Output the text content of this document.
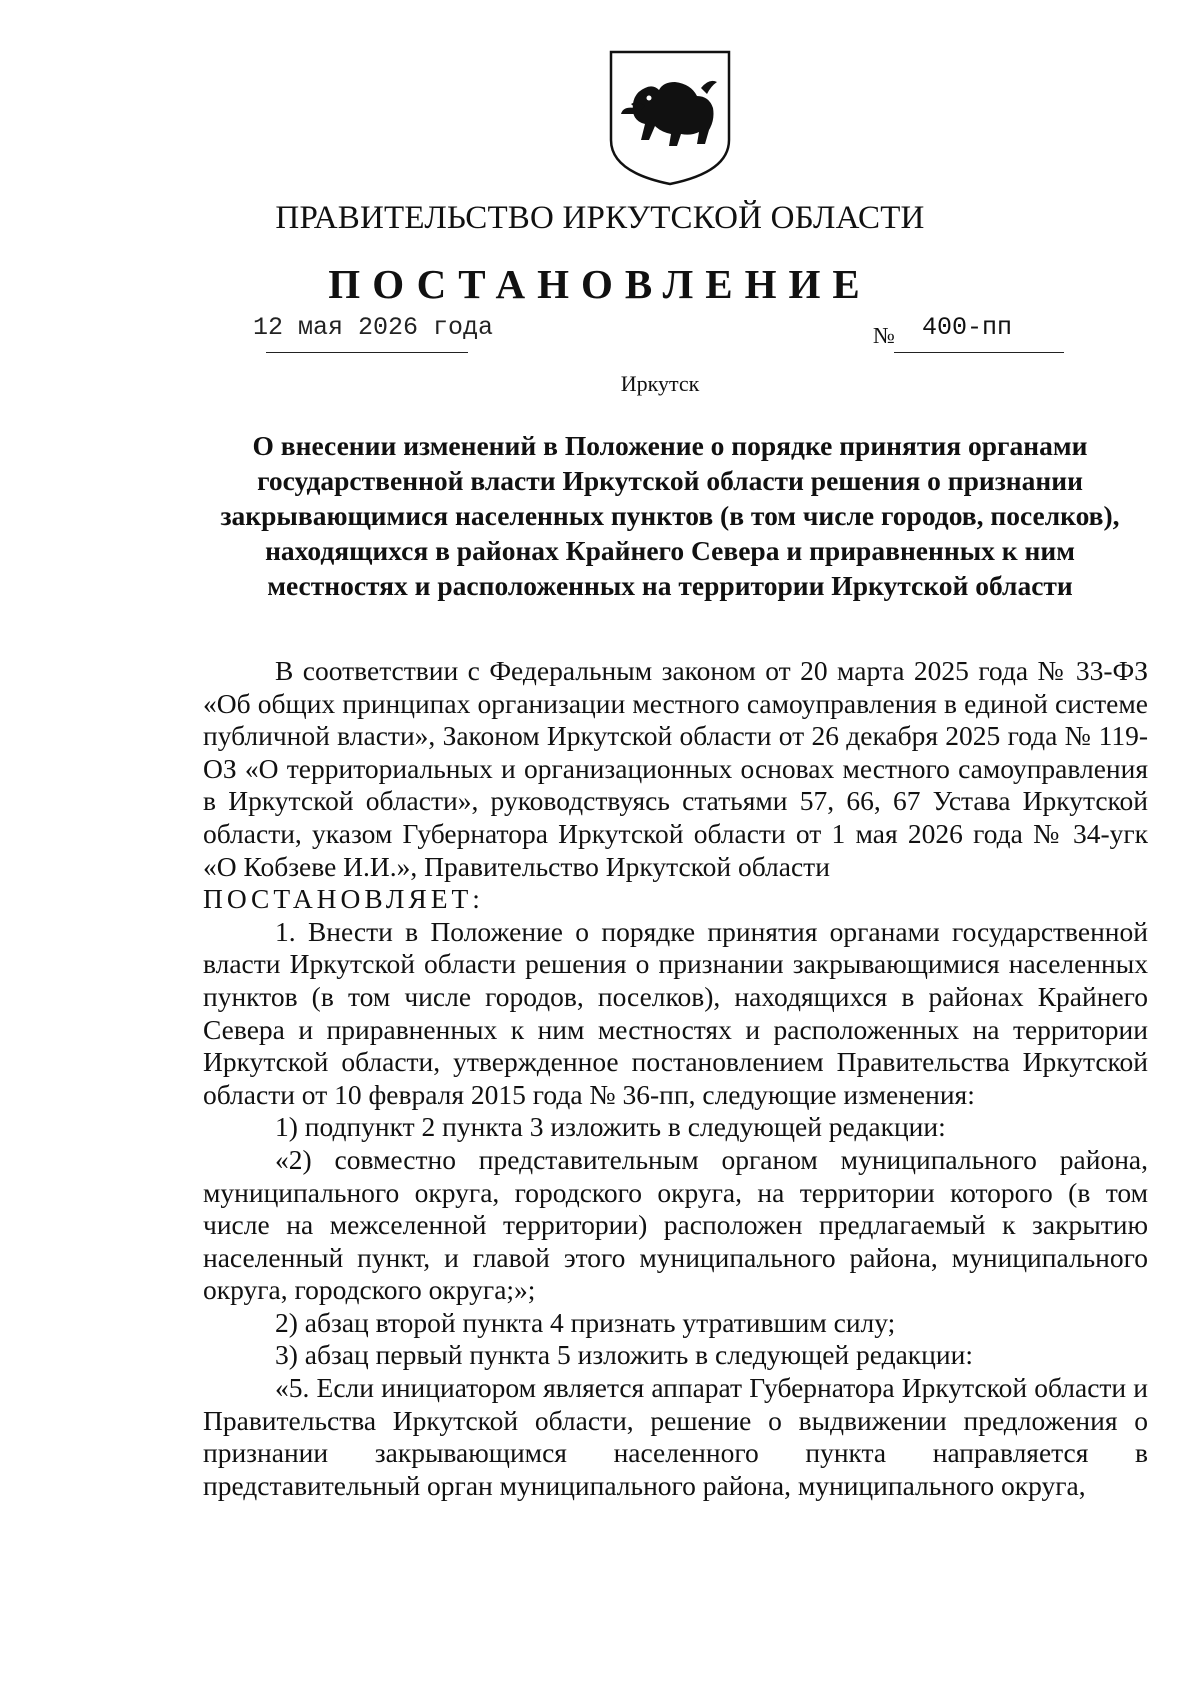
ПРАВИТЕЛЬСТВО ИРКУТСКОЙ ОБЛАСТИ
ПОСТАНОВЛЕНИЕ
12 мая 2026 года	№ 400-пп
Иркутск

О внесении изменений в Положение о порядке принятия органами государственной власти Иркутской области решения о признании закрывающимися населенных пунктов (в том числе городов, поселков), находящихся в районах Крайнего Севера и приравненных к ним местностях и расположенных на территории Иркутской области

В соответствии с Федеральным законом от 20 марта 2025 года № 33-ФЗ «Об общих принципах организации местного самоуправления в единой системе публичной власти», Законом Иркутской области от 26 декабря 2025 года № 119-ОЗ «О территориальных и организационных основах местного самоуправления в Иркутской области», руководствуясь статьями 57, 66, 67 Устава Иркутской области, указом Губернатора Иркутской области от 1 мая 2026 года № 34-угк «О Кобзеве И.И.», Правительство Иркутской области

ПОСТАНОВЛЯЕТ:

1. Внести в Положение о порядке принятия органами государственной власти Иркутской области решения о признании закрывающимися населенных пунктов (в том числе городов, поселков), находящихся в районах Крайнего Севера и приравненных к ним местностях и расположенных на территории Иркутской области, утвержденное постановлением Правительства Иркутской области от 10 февраля 2015 года № 36-пп, следующие изменения:

1) подпункт 2 пункта 3 изложить в следующей редакции:

«2) совместно представительным органом муниципального района, муниципального округа, городского округа, на территории которого (в том числе на межселенной территории) расположен предлагаемый к закрытию населенный пункт, и главой этого муниципального района, муниципального округа, городского округа;»;

2) абзац второй пункта 4 признать утратившим силу;

3) абзац первый пункта 5 изложить в следующей редакции:

«5. Если инициатором является аппарат Губернатора Иркутской области и Правительства Иркутской области, решение о выдвижении предложения о признании закрывающимся населенного пункта направляется в представительный орган муниципального района, муниципального округа,
